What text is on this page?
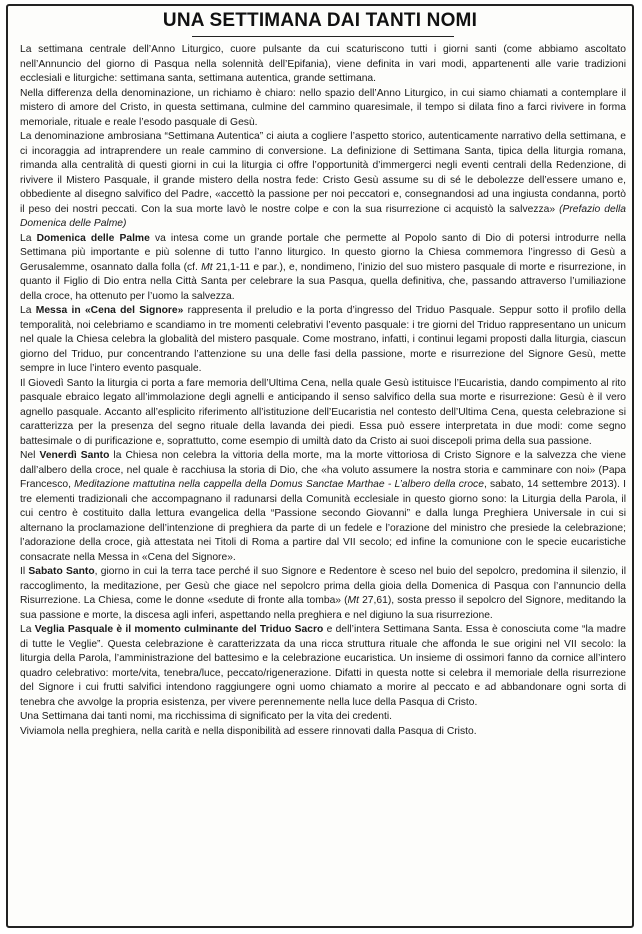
UNA SETTIMANA DAI TANTI NOMI

La settimana centrale dell’Anno Liturgico, cuore pulsante da cui scaturiscono tutti i giorni santi (come abbiamo ascoltato nell’Annuncio del giorno di Pasqua nella solennità dell’Epifania), viene definita in vari modi, appartenenti alle varie tradizioni ecclesiali e liturgiche: settimana santa, settimana autentica, grande settimana.

Nella differenza della denominazione, un richiamo è chiaro: nello spazio dell’Anno Liturgico, in cui siamo chiamati a contemplare il mistero di amore del Cristo, in questa settimana, culmine del cammino quaresimale, il tempo si dilata fino a farci rivivere in forma memoriale, rituale e reale l’esodo pasquale di Gesù.

La denominazione ambrosiana “Settimana Autentica” ci aiuta a cogliere l’aspetto storico, autenticamente narrativo della settimana, e ci incoraggia ad intraprendere un reale cammino di conversione. La definizione di Settimana Santa, tipica della liturgia romana, rimanda alla centralità di questi giorni in cui la liturgia ci offre l’opportunità d’immergerci negli eventi centrali della Redenzione, di rivivere il Mistero Pasquale, il grande mistero della nostra fede: Cristo Gesù assume su di sé le debolezze dell’essere umano e, obbediente al disegno salvifico del Padre, «accettò la passione per noi peccatori e, consegnandosi ad una ingiusta condanna, portò il peso dei nostri peccati. Con la sua morte lavò le nostre colpe e con la sua risurrezione ci acquistò la salvezza» (Prefazio della Domenica delle Palme)

La Domenica delle Palme va intesa come un grande portale che permette al Popolo santo di Dio di potersi introdurre nella Settimana più importante e più solenne di tutto l’anno liturgico. In questo giorno la Chiesa commemora l’ingresso di Gesù a Gerusalemme, osannato dalla folla (cf. Mt 21,1-11 e par.), e, nondimeno, l’inizio del suo mistero pasquale di morte e risurrezione, in quanto il Figlio di Dio entra nella Città Santa per celebrare la sua Pasqua, quella definitiva, che, passando attraverso l’umiliazione della croce, ha ottenuto per l’uomo la salvezza.

La Messa in «Cena del Signore» rappresenta il preludio e la porta d’ingresso del Triduo Pasquale. Seppur sotto il profilo della temporalità, noi celebriamo e scandiamo in tre momenti celebrativi l’evento pasquale: i tre giorni del Triduo rappresentano un unicum nel quale la Chiesa celebra la globalità del mistero pasquale. Come mostrano, infatti, i continui legami proposti dalla liturgia, ciascun giorno del Triduo, pur concentrando l’attenzione su una delle fasi della passione, morte e risurrezione del Signore Gesù, mette sempre in luce l’intero evento pasquale.

Il Giovedì Santo la liturgia ci porta a fare memoria dell’Ultima Cena, nella quale Gesù istituisce l’Eucaristia, dando compimento al rito pasquale ebraico legato all’immolazione degli agnelli e anticipando il senso salvifico della sua morte e risurrezione: Gesù è il vero agnello pasquale. Accanto all’esplicito riferimento all’istituzione dell’Eucaristia nel contesto dell’Ultima Cena, questa celebrazione si caratterizza per la presenza del segno rituale della lavanda dei piedi. Essa può essere interpretata in due modi: come segno battesimale o di purificazione e, soprattutto, come esempio di umiltà dato da Cristo ai suoi discepoli prima della sua passione.

Nel Venerdì Santo la Chiesa non celebra la vittoria della morte, ma la morte vittoriosa di Cristo Signore e la salvezza che viene dall’albero della croce, nel quale è racchiusa la storia di Dio, che «ha voluto assumere la nostra storia e camminare con noi» (Papa Francesco, Meditazione mattutina nella cappella della Domus Sanctae Marthae - L’albero della croce, sabato, 14 settembre 2013). I tre elementi tradizionali che accompagnano il radunarsi della Comunità ecclesiale in questo giorno sono: la Liturgia della Parola, il cui centro è costituito dalla lettura evangelica della “Passione secondo Giovanni” e dalla lunga Preghiera Universale in cui si alternano la proclamazione dell’intenzione di preghiera da parte di un fedele e l’orazione del ministro che presiede la celebrazione; l’adorazione della croce, già attestata nei Titoli di Roma a partire dal VII secolo; ed infine la comunione con le specie eucaristiche consacrate nella Messa in «Cena del Signore».

Il Sabato Santo, giorno in cui la terra tace perché il suo Signore e Redentore è sceso nel buio del sepolcro, predomina il silenzio, il raccoglimento, la meditazione, per Gesù che giace nel sepolcro prima della gioia della Domenica di Pasqua con l’annuncio della Risurrezione. La Chiesa, come le donne «sedute di fronte alla tomba» (Mt 27,61), sosta presso il sepolcro del Signore, meditando la sua passione e morte, la discesa agli inferi, aspettando nella preghiera e nel digiuno la sua risurrezione.

La Veglia Pasquale è il momento culminante del Triduo Sacro e dell’intera Settimana Santa. Essa è conosciuta come “la madre di tutte le Veglie”. Questa celebrazione è caratterizzata da una ricca struttura rituale che affonda le sue origini nel VII secolo: la liturgia della Parola, l’amministrazione del battesimo e la celebrazione eucaristica. Un insieme di ossimori fanno da cornice all’intero quadro celebrativo: morte/vita, tenebra/luce, peccato/rigenerazione. Difatti in questa notte si celebra il memoriale della risurrezione del Signore i cui frutti salvifici intendono raggiungere ogni uomo chiamato a morire al peccato e ad abbandonare ogni sorta di tenebra che avvolge la propria esistenza, per vivere perennemente nella luce della Pasqua di Cristo.

Una Settimana dai tanti nomi, ma ricchissima di significato per la vita dei credenti.

Viviamola nella preghiera, nella carità e nella disponibilità ad essere rinnovati dalla Pasqua di Cristo.
